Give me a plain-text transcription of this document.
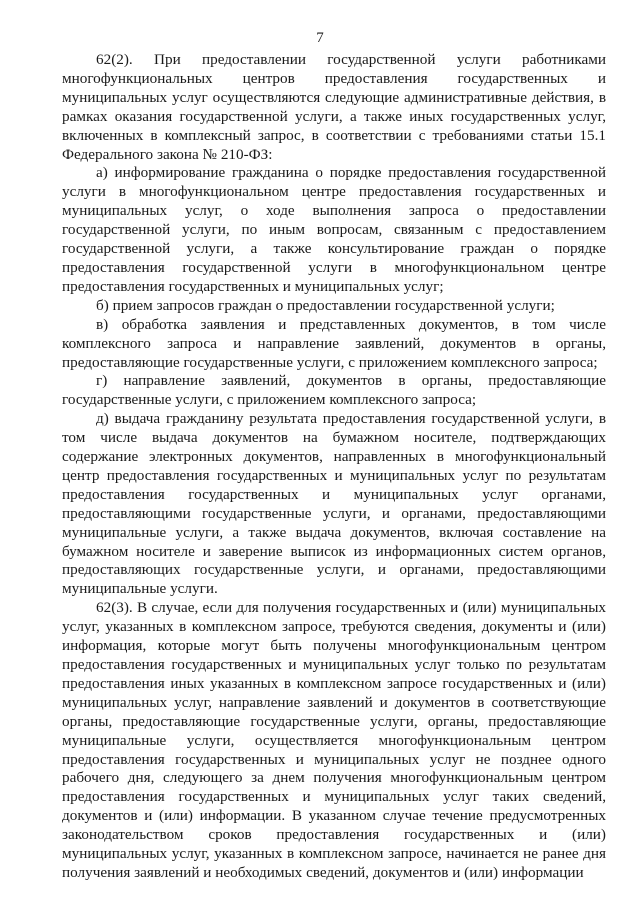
7

62(2). При предоставлении государственной услуги работниками многофункциональных центров предоставления государственных и муниципальных услуг осуществляются следующие административные действия, в рамках оказания государственной услуги, а также иных государственных услуг, включенных в комплексный запрос, в соответствии с требованиями статьи 15.1 Федерального закона № 210-ФЗ:

а) информирование гражданина о порядке предоставления государственной услуги в многофункциональном центре предоставления государственных и муниципальных услуг, о ходе выполнения запроса о предоставлении государственной услуги, по иным вопросам, связанным с предоставлением государственной услуги, а также консультирование граждан о порядке предоставления государственной услуги в многофункциональном центре предоставления государственных и муниципальных услуг;

б) прием запросов граждан о предоставлении государственной услуги;

в) обработка заявления и представленных документов, в том числе комплексного запроса и направление заявлений, документов в органы, предоставляющие государственные услуги, с приложением комплексного запроса;

г) направление заявлений, документов в органы, предоставляющие государственные услуги, с приложением комплексного запроса;

д) выдача гражданину результата предоставления государственной услуги, в том числе выдача документов на бумажном носителе, подтверждающих содержание электронных документов, направленных в многофункциональный центр предоставления государственных и муниципальных услуг по результатам предоставления государственных и муниципальных услуг органами, предоставляющими государственные услуги, и органами, предоставляющими муниципальные услуги, а также выдача документов, включая составление на бумажном носителе и заверение выписок из информационных систем органов, предоставляющих государственные услуги, и органами, предоставляющими муниципальные услуги.

62(3). В случае, если для получения государственных и (или) муниципальных услуг, указанных в комплексном запросе, требуются сведения, документы и (или) информация, которые могут быть получены многофункциональным центром предоставления государственных и муниципальных услуг только по результатам предоставления иных указанных в комплексном запросе государственных и (или) муниципальных услуг, направление заявлений и документов в соответствующие органы, предоставляющие государственные услуги, органы, предоставляющие муниципальные услуги, осуществляется многофункциональным центром предоставления государственных и муниципальных услуг не позднее одного рабочего дня, следующего за днем получения многофункциональным центром предоставления государственных и муниципальных услуг таких сведений, документов и (или) информации. В указанном случае течение предусмотренных законодательством сроков предоставления государственных и (или) муниципальных услуг, указанных в комплексном запросе, начинается не ранее дня получения заявлений и необходимых сведений, документов и (или) информации
